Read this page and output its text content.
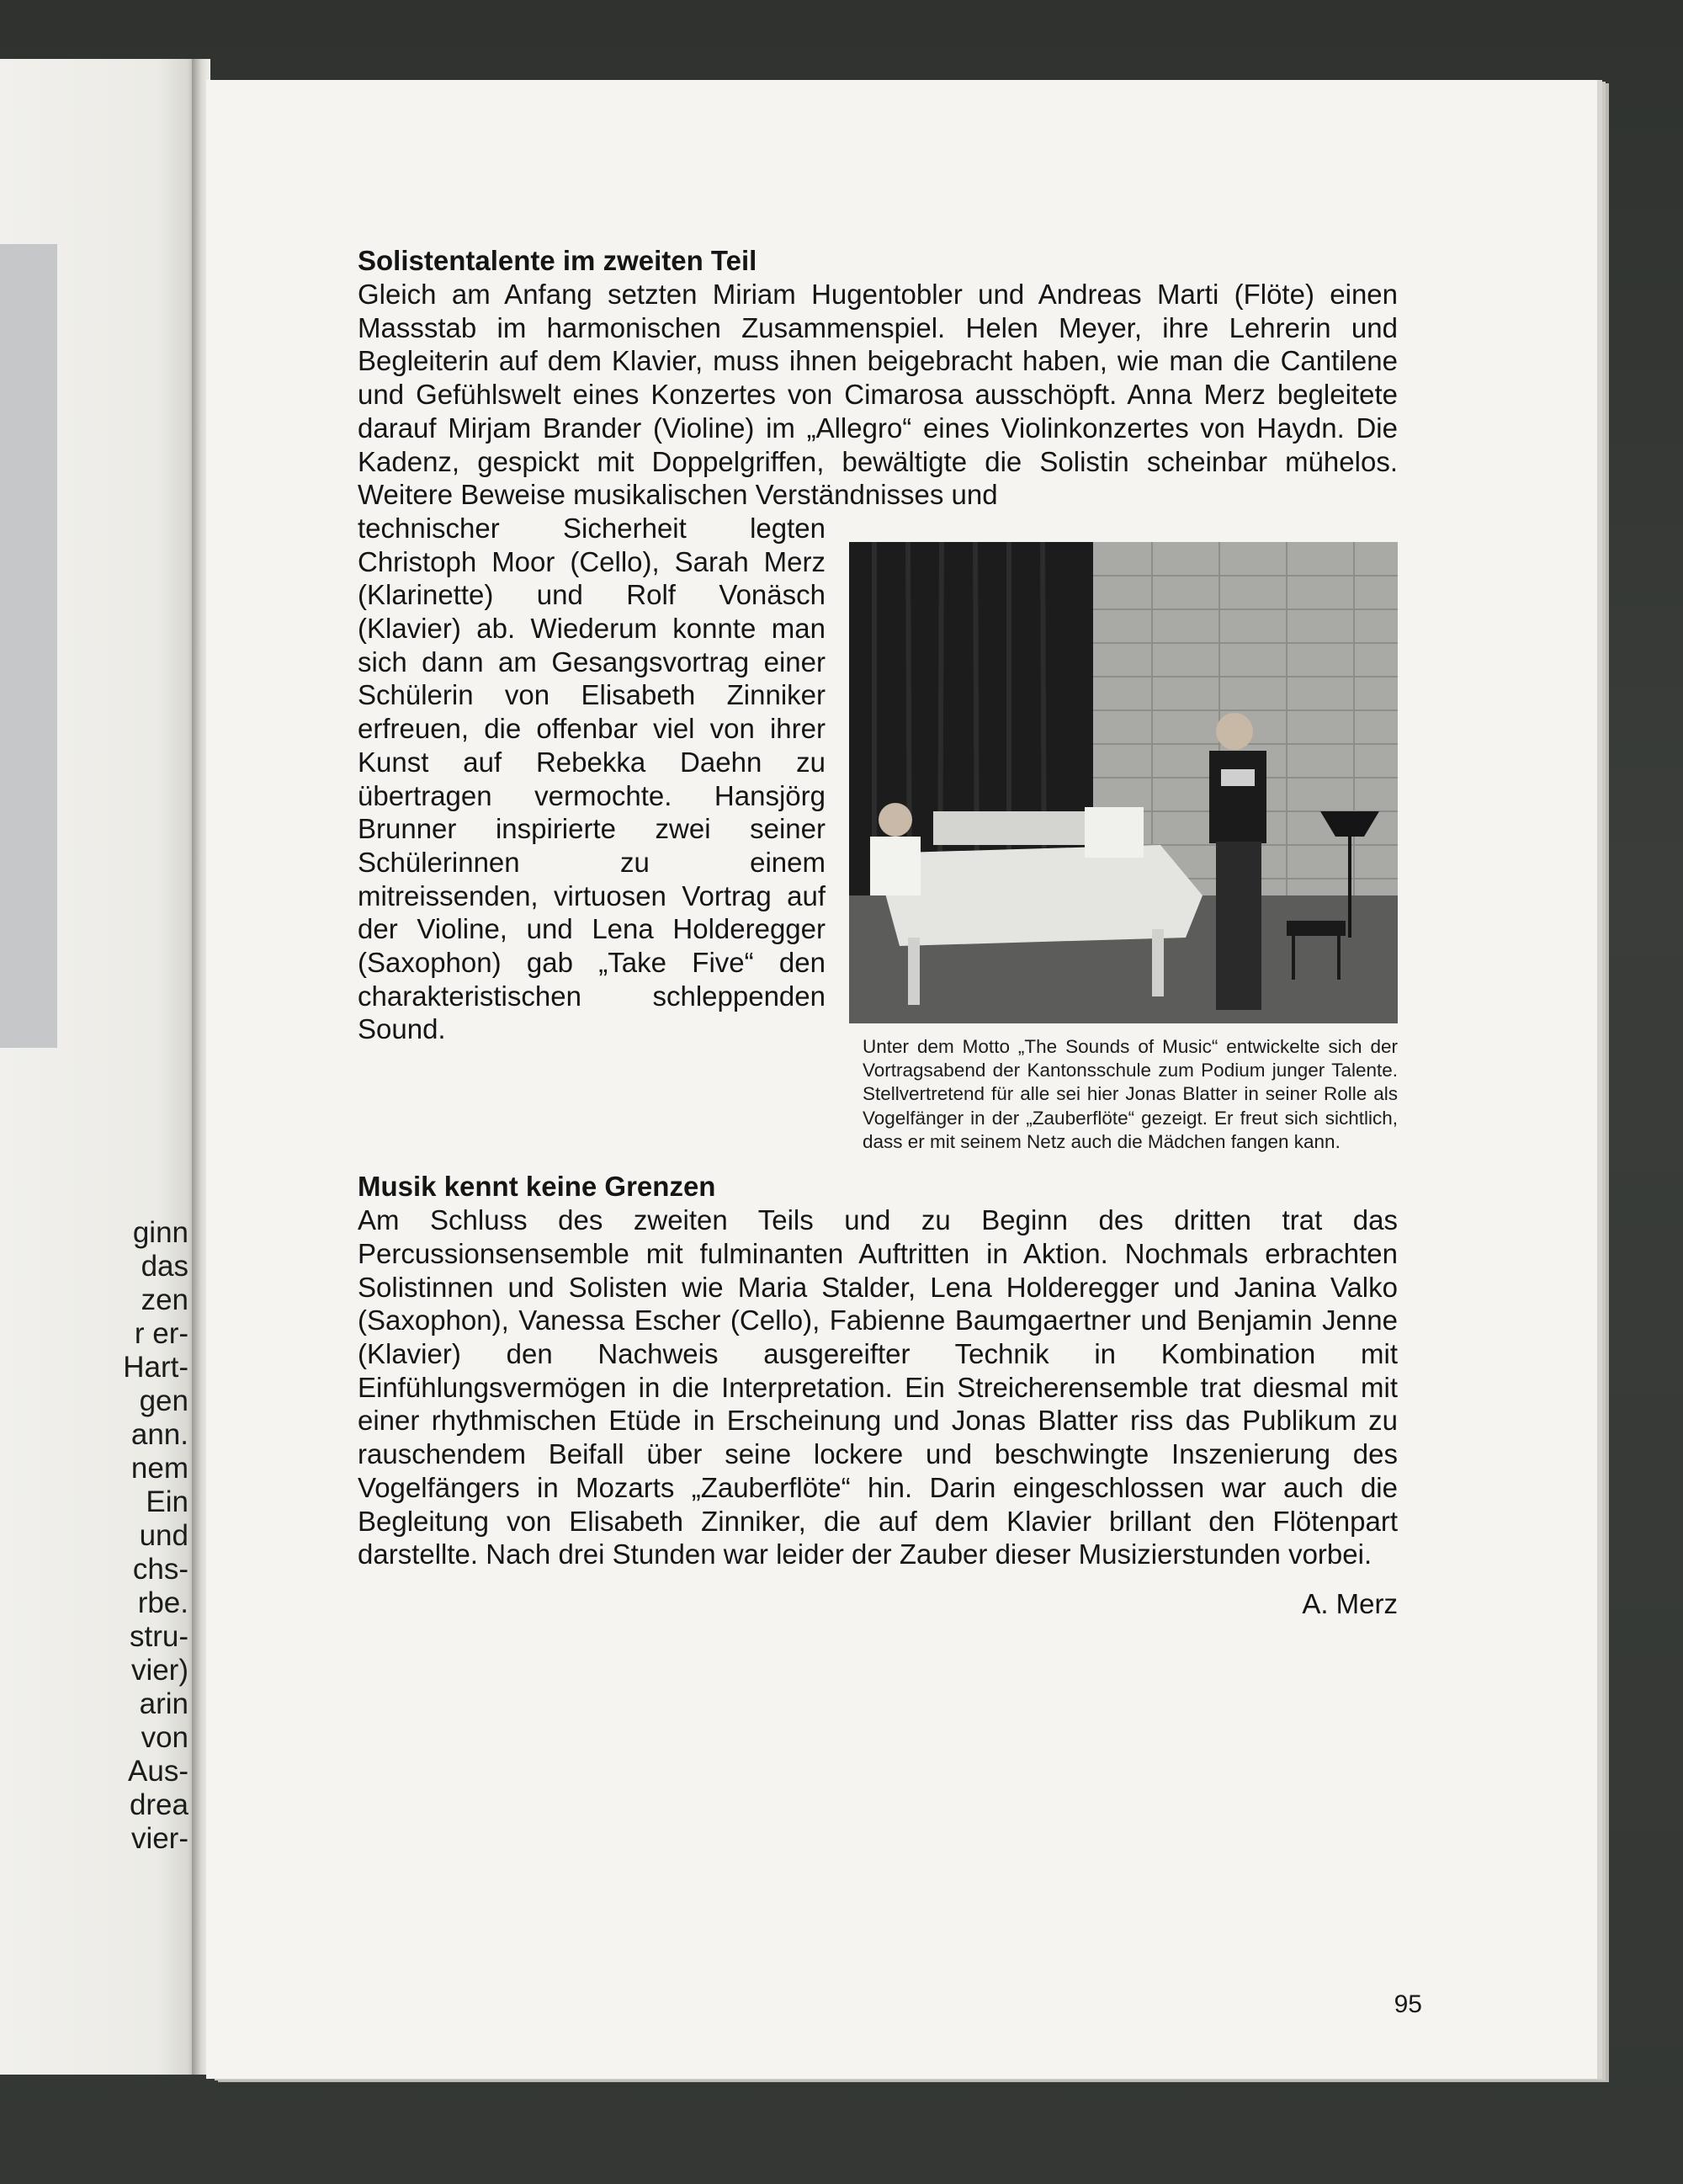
ginn
das
zen
r er-
Hart-
gen
ann.
nem
Ein
und
chs-
rbe.
stru-
vier)
arin
von
Aus-
drea
vier-
Solistentalente im zweiten Teil

Gleich am Anfang setzten Miriam Hugentobler und Andreas Marti (Flöte) einen Massstab im harmonischen Zusammenspiel. Helen Meyer, ihre Lehrerin und Begleiterin auf dem Klavier, muss ihnen beigebracht haben, wie man die Cantilene und Gefühlswelt eines Konzertes von Cimarosa ausschöpft. Anna Merz begleitete darauf Mirjam Brander (Violine) im „Allegro“ eines Violinkonzertes von Haydn. Die Kadenz, gespickt mit Doppelgriffen, bewältigte die Solistin scheinbar mühelos. Weitere Beweise musikalischen Verständnisses und

Unter dem Motto „The Sounds of Music“ entwickelte sich der Vortragsabend der Kantonsschule zum Podium junger Talente. Stellvertretend für alle sei hier Jonas Blatter in seiner Rolle als Vogelfänger in der „Zauberflöte“ gezeigt. Er freut sich sichtlich, dass er mit seinem Netz auch die Mädchen fangen kann.

technischer Sicherheit legten Christoph Moor (Cello), Sarah Merz (Klarinette) und Rolf Vonäsch (Klavier) ab. Wiederum konnte man sich dann am Gesangsvortrag einer Schülerin von Elisabeth Zinniker erfreuen, die offenbar viel von ihrer Kunst auf Rebekka Daehn zu übertragen vermochte. Hansjörg Brunner inspirierte zwei seiner Schülerinnen zu einem mitreissenden, virtuosen Vortrag auf der Violine, und Lena Holderegger (Saxophon) gab „Take Five“ den charakteristischen schleppenden Sound.

Musik kennt keine Grenzen

Am Schluss des zweiten Teils und zu Beginn des dritten trat das Percussionsensemble mit fulminanten Auftritten in Aktion. Nochmals erbrachten Solistinnen und Solisten wie Maria Stalder, Lena Holderegger und Janina Valko (Saxophon), Vanessa Escher (Cello), Fabienne Baumgaertner und Benjamin Jenne (Klavier) den Nachweis ausgereifter Technik in Kombination mit Einfühlungsvermögen in die Interpretation. Ein Streicherensemble trat diesmal mit einer rhythmischen Etüde in Erscheinung und Jonas Blatter riss das Publikum zu rauschendem Beifall über seine lockere und beschwingte Inszenierung des Vogelfängers in Mozarts „Zauberflöte“ hin. Darin eingeschlossen war auch die Begleitung von Elisabeth Zinniker, die auf dem Klavier brillant den Flötenpart darstellte. Nach drei Stunden war leider der Zauber dieser Musizierstunden vorbei.

A. Merz
95
